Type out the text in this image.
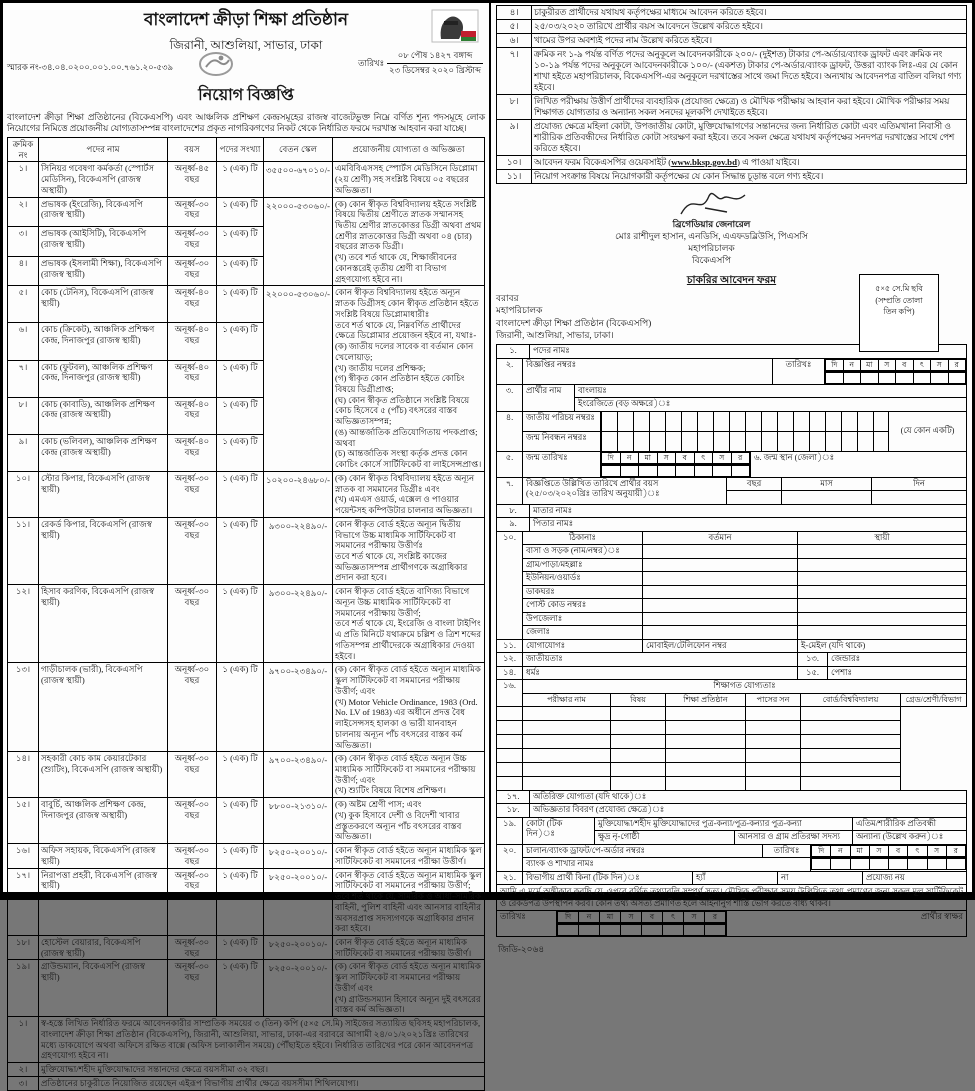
বাংলাদেশ ক্রীড়া শিক্ষা প্রতিষ্ঠান
জিরানী, আশুলিয়া, সাভার, ঢাকা
স্মারক নং-৩৪.০৪.০২০০.০০১.০০.৭৬১.২০-৫৩৯	তারিখঃ $\frac{\text{০৮ পৌষ ১৪২৭ বঙ্গাব্দ}}{\text{২৩ ডিসেম্বর ২০২০ খ্রিস্টাব্দ}}$
নিয়োগ বিজ্ঞপ্তি

বাংলাদেশ ক্রীড়া শিক্ষা প্রতিষ্ঠানের (বিকেএসপি) এবং আঞ্চলিক প্রশিক্ষণ কেন্দ্রসমূহের রাজস্ব বাজেটভুক্ত নিম্নে বর্ণিত শূন্য পদসমূহে লোক নিয়োগের নিমিত্তে প্রয়োজনীয় যোগ্যতাসম্পন্ন বাংলাদেশের প্রকৃত নাগরিকগণের নিকট থেকে নির্ধারিত ফরমে দরখাস্ত আহবান করা যাচ্ছে।

ক্রমিক নং	পদের নাম	বয়স	পদের সংখ্যা	বেতন স্কেল	প্রয়োজনীয় যোগ্যতা ও অভিজ্ঞতা
১।	সিনিয়র গবেষণা কর্মকর্তা (স্পোর্টস মেডিসিন), বিকেএসপি (রাজস্ব অস্থায়ী)	অনূর্ধ্ব-৪৫ বছর	১ (এক) টি	৩৫৫০০-৬৭০১০/-	এমবিবিএসসহ স্পোর্টস মেডিসিনে ডিপ্লোমা (২য় শ্রেণী) সহ সংশ্লিষ্ট বিষয়ে ০৫ বছরের অভিজ্ঞতা।
২।	প্রভাষক (ইংরেজি), বিকেএসপি (রাজস্ব স্থায়ী)	অনূর্ধ্ব-৩০ বছর	১ (এক) টি	২২০০০-৫৩০৬০/-	(ক) কোন স্বীকৃত বিশ্ববিদ্যালয় হইতে সংশ্লিষ্ট বিষয়ে দ্বিতীয় শ্রেণীতে স্নাতক সম্মানসহ দ্বিতীয় শ্রেণীর স্নাতকোত্তর ডিগ্রী অথবা প্রথম শ্রেণীর স্নাতকোত্তর ডিগ্রী অথবা ০৪ (চার) বছরের স্নাতক ডিগ্রী।
(খ) তবে শর্ত থাকে যে, শিক্ষাজীবনের কোনস্তরেই তৃতীয় শ্রেণী বা বিভাগ গ্রহণযোগ্য হইবে না।
৩।	প্রভাষক (আইসিটি), বিকেএসপি (রাজস্ব স্থায়ী)	অনূর্ধ্ব-৩০ বছর	১ (এক) টি		
৪।	প্রভাষক (ইসলামী শিক্ষা), বিকেএসপি (রাজস্ব স্থায়ী)	অনূর্ধ্ব-৩০ বছর	১ (এক) টি		
৫।	কোচ (টেনিস), বিকেএসপি (রাজস্ব স্থায়ী)	অনূর্ধ্ব-৪০ বছর	১ (এক) টি	২২০০০-৫৩০৬০/-	কোন স্বীকৃত বিশ্ববিদ্যালয় হইতে অন্যূন স্নাতক ডিগ্রীসহ কোন স্বীকৃত প্রতিষ্ঠান হইতে সংশ্লিষ্ট বিষয়ে ডিপ্লোমাধারীঃ
তবে শর্ত থাকে যে, নিম্নবর্ণিত প্রার্থীদের ক্ষেত্রে ডিপ্লোমার প্রয়োজন হইবে না, যথাঃ-
(ক) জাতীয় দলের সাবেক বা বর্তমান কোন খেলোয়াড়;
(খ) জাতীয় দলের প্রশিক্ষক;
(গ) স্বীকৃত কোন প্রতিষ্ঠান হইতে কোচিং বিষয়ে ডিগ্রীপ্রাপ্ত;
(ঘ) কোন স্বীকৃত প্রতিষ্ঠানে সংশ্লিষ্ট বিষয়ে কোচ হিসেবে ৫ (পাঁচ) বৎসরের বাস্তব অভিজ্ঞতাসম্পন্ন;
(ঙ) আন্তর্জাতিক প্রতিযোগিতায় পদকপ্রাপ্ত; অথবা
(চ) আন্তর্জাতিক সংস্থা কর্তৃক প্রদত্ত কোন কোচিং কোর্সে সার্টিফিকেট বা লাইসেন্সপ্রাপ্ত।
৬।	কোচ (ক্রিকেট), আঞ্চলিক প্রশিক্ষণ কেন্দ্র, দিনাজপুর (রাজস্ব স্থায়ী)	অনূর্ধ্ব-৪০ বছর	১ (এক) টি		
৭।	কোচ (ফুটবল), আঞ্চলিক প্রশিক্ষণ কেন্দ্র, দিনাজপুর (রাজস্ব স্থায়ী)	অনূর্ধ্ব-৪০ বছর	১ (এক) টি		
৮।	কোচ (কাবাডি), আঞ্চলিক প্রশিক্ষণ কেন্দ্র (রাজস্ব অস্থায়ী)	অনূর্ধ্ব-৪০ বছর	১ (এক) টি		
৯।	কোচ (ভলিবল), আঞ্চলিক প্রশিক্ষণ কেন্দ্র (রাজস্ব অস্থায়ী)	অনূর্ধ্ব-৪০ বছর	১ (এক) টি		
১০।	স্টোর কিপার, বিকেএসপি (রাজস্ব স্থায়ী)	অনূর্ধ্ব-৩০ বছর	১ (এক) টি	১০২০০-২৪৬৮০/-	(ক) কোন স্বীকৃত বিশ্ববিদ্যালয় হইতে অন্যূন স্নাতক বা সমমানের ডিগ্রীঃ এবং
(খ) এমএস ওয়ার্ড, এক্সেল ও পাওয়ার পয়েন্টসহ কম্পিউটার চালনার অভিজ্ঞতা।
১১।	রেকর্ড কিপার, বিকেএসপি (রাজস্ব স্থায়ী)	অনূর্ধ্ব-৩০ বছর	১ (এক) টি	৯৩০০-২২৪৯০/-	কোন স্বীকৃত বোর্ড হইতে অন্যূন দ্বিতীয় বিভাগে উচ্চ মাধ্যমিক সার্টিফিকেট বা সমমানের পরীক্ষায় উত্তীর্ণঃ
তবে শর্ত থাকে যে, সংশ্লিষ্ট কাজের অভিজ্ঞতাসম্পন্ন প্রার্থীগণকে অগ্রাধিকার প্রদান করা হবে।
১২।	হিসাব করণিক, বিকেএসপি (রাজস্ব স্থায়ী)	অনূর্ধ্ব-৩০ বছর	১ (এক) টি	৯৩০০-২২৪৯০/-	কোন স্বীকৃত বোর্ড হইতে বাণিজ্য বিভাগে অন্যূন উচ্চ মাধ্যমিক সার্টিফিকেট বা সমমানের পরীক্ষায় উত্তীর্ণ;
তবে শর্ত থাকে যে, ইংরেজি ও বাংলা টাইপিং এ প্রতি মিনিটে যথাক্রমে চল্লিশ ও ত্রিশ শব্দের গতিসম্পন্ন প্রার্থীদেরকে অগ্রাধিকার দেওয়া হইবে।
১৩।	গাড়ীচালক (ভারী), বিকেএসপি (রাজস্ব স্থায়ী)	অনূর্ধ্ব-৩০ বছর	১ (এক) টি	৯৭০০-২৩৪৯০/-	(ক) কোন স্বীকৃত বোর্ড হইতে অন্যূন মাধ্যমিক স্কুল সার্টিফিকেট বা সমমানের পরীক্ষায় উত্তীর্ণ; এবং
(খ) Motor Vehicle Ordinance, 1983 (Ord. No. LV of 1983) এর অধীনে প্রদত্ত বৈধ লাইসেন্সসহ হালকা ও ভারী যানবাহন চালনায় অন্যূন পাঁচ বৎসরের বাস্তব কর্ম অভিজ্ঞতা।
১৪।	সহকারী কোচ কাম কেয়ারটেকার (শ্যুটিং), বিকেএসপি (রাজস্ব অস্থায়ী)	অনূর্ধ্ব-৩০ বছর	১ (এক) টি	৯৭০০-২৩৪৯০/-	(ক) কোন স্বীকৃত বোর্ড হইতে অন্যূন উচ্চ মাধ্যমিক সার্টিফিকেট বা সমমানের পরীক্ষায় উত্তীর্ণ; এবং
(খ) শ্যুটিং বিষয়ে বিশেষ প্রশিক্ষণ।
১৫।	বাবুর্চি, আঞ্চলিক প্রশিক্ষণ কেন্দ্র, দিনাজপুর (রাজস্ব অস্থায়ী)	অনূর্ধ্ব-৩০ বছর	১ (এক) টি	৮৮০০-২১৩১০/-	(ক) অষ্টম শ্রেণী পাস; এবং
(খ) কুক হিসাবে দেশী ও বিদেশী খাবার প্রস্তুতকরণে অন্যূন পাঁচ বৎসরের বাস্তব অভিজ্ঞতা।
১৬।	অফিস সহায়ক, বিকেএসপি (রাজস্ব স্থায়ী)	অনূর্ধ্ব-৩০ বছর	১ (এক) টি	৮২৫০-২০০১০/-	কোন স্বীকৃত বোর্ড হইতে অন্যূন মাধ্যমিক স্কুল সার্টিফিকেট বা সমমানের পরীক্ষা উত্তীর্ণ।
১৭।	নিরাপত্তা প্রহরী, বিকেএসপি (রাজস্ব স্থায়ী)	অনূর্ধ্ব-৩০ বছর	১ (এক) টি	৮২৫০-২০০১০/-	কোন স্বীকৃত বোর্ড হইতে অন্যূন মাধ্যমিক স্কুল সার্টিফিকেট বা সমমানের পরীক্ষায় উত্তীর্ণ;
তবে শর্ত থাকে যে, সামরিক ও আধা-সামরিক বাহিনী, পুলিশ বাহিনী এবং আনসার বাহিনীর অবসরপ্রাপ্ত সদস্যগণকে অগ্রাধিকার প্রদান করা হইবে।
১৮।	হোস্টেল বেয়ারার, বিকেএসপি (রাজস্ব স্থায়ী)	অনূর্ধ্ব-৩০ বছর	১ (এক) টি	৮২৫০-২০০১০/-	কোন স্বীকৃত বোর্ড হইতে অন্যূন মাধ্যমিক সার্টিফিকেট বা সমমানের পরীক্ষায় উত্তীর্ণ।
১৯।	গ্রাউন্ডম্যান, বিকেএসপি (রাজস্ব স্থায়ী)	অনূর্ধ্ব-৩০ বছর	১ (এক) টি	৮২৫০-২০০১০/-	(ক) কোন স্বীকৃত বোর্ড হইতে অন্যূন মাধ্যমিক স্কুল সার্টিফিকেট বা সমমানের পরীক্ষায় উত্তীর্ণ এবং
(খ) গ্রাউন্ডসম্যান হিসাবে অন্যূন দুই বৎসরের বাস্তব কর্ম অভিজ্ঞতা।
১।	স্ব-হস্তে লিখিত নির্ধারিত ফরমে আবেদনকারীর সাম্প্রতিক সময়ের ৩ (তিন) কপি (৫×৫ সে.মি) সাইজের সত্যায়িত ছবিসহ মহাপরিচালক, বাংলাদেশ ক্রীড়া শিক্ষা প্রতিষ্ঠান (বিকেএসপি), জিরানী, আশুলিয়া, সাভার, ঢাকা-এর বরাবরে আগামী ২৪/০১/২০২১খ্রিঃ তারিখের মধ্যে ডাকযোগে অথবা অফিসে রক্ষিত বাক্সে (অফিস চলাকালীন সময়ে) পৌঁছাইতে হইবে। নির্ধারিত তারিখের পরে কোন আবেদনপত্র গ্রহণযোগ্য হইবে না।				
২।	মুক্তিযোদ্ধা/শহীদ মুক্তিযোদ্ধাদের সন্তানদের ক্ষেত্রে বয়সসীমা ৩২ বছর।				
৩।	প্রতিষ্ঠানের চাকুরীতে নিয়োজিত রয়েছেন এইরূপ বিভাগীয় প্রার্থীর ক্ষেত্রে বয়সসীমা শিথিলযোগ্য।				
৪।	চাকুরীরত প্রার্থীদের যথাযথ কর্তৃপক্ষের মাধ্যমে আবেদন করিতে হইবে।
৫।	২৫/০৩/২০২০ তারিখে প্রার্থীর বয়স আবেদনে উল্লেখ করিতে হইবে।
৬।	খামের উপর অবশ্যই পদের নাম উল্লেখ করিতে হইবে।
৭।	ক্রমিক নং ১-৯ পর্যন্ত বর্ণিত পদের অনুকূলে আবেদনকারীকে ২০০/- (দুইশত) টাকার পে-অর্ডার/ব্যাংক ড্রাফট এবং ক্রমিক নং ১০-১৯ পর্যন্ত পদের অনুকূলে আবেদনকারীকে ১০০/- (একশত) টাকার পে-অর্ডার/ব্যাংক ড্রাফট, উত্তরা ব্যাংক লিঃ-এর যে কোন শাখা হইতে মহাপরিচালক, বিকেএসপি-এর অনুকূলে দরখাস্তের সাথে জমা দিতে হইবে। অন্যথায় আবেদনপত্র বাতিল বলিয়া গণ্য হইবে।
৮।	লিখিত পরীক্ষায় উত্তীর্ণ প্রার্থীদের ব্যবহারিক (প্রযোজ্য ক্ষেত্রে) ও মৌখিক পরীক্ষায় আহবান করা হইবে। মৌখিক পরীক্ষার সময় শিক্ষাগত যোগ্যতার ও অন্যান্য সকল সনদের মূলকপি দেখাইতে হইবে।
৯।	প্রযোজ্য ক্ষেত্রে মহিলা কোটা, উপজাতীয় কোটা, মুক্তিযোদ্ধাগণের সন্তানদের জন্য নির্ধারিত কোটা এবং এতিমখানা নিবাসী ও শারীরিক প্রতিবন্ধীদের নির্ধারিত কোটা সংরক্ষণ করা হইবে। তবে সকল ক্ষেত্রে যথাযথ কর্তৃপক্ষের সনদপত্র দরখাস্তের সাথে পেশ করিতে হইবে।
১০।	আবেদন ফরম বিকেএসপির ওয়েবসাইট (www.bksp.gov.bd) এ পাওয়া যাইবে।
১১।	নিয়োগ সংক্রান্ত বিষয়ে নিয়োগকারী কর্তৃপক্ষের যে কোন সিদ্ধান্ত চূড়ান্ত বলে গণ্য হইবে।
ব্রিগেডিয়ার জেনারেল
মোঃ রাশীদুল হাসান, এনডিসি, এএফডব্লিউসি, পিএসসি
মহাপরিচালক
বিকেএসপি
চাকরির আবেদন ফরম
বরাবর
মহাপরিচালক
বাংলাদেশ ক্রীড়া শিক্ষা প্রতিষ্ঠান (বিকেএসপি)
জিরানী, আশুলিয়া, সাভার, ঢাকা।
৫×৫ সে.মি ছবি
(সম্প্রতি তোলা
তিন কপি)
১.	পদের নামঃ
২.	বিজ্ঞপ্তির নম্বরঃ	তারিখঃ		দি	ন	মা	স	ব	ৎ	স	র

৩.	প্রার্থীর নাম	বাংলায়ঃ
ইংরেজিতে (বড় অক্ষরে)ঃ
৪.	জাতীয় পরিচয় নম্বরঃ		(যে কোন একটি)
	জন্ম নিবন্ধন নম্বরঃ		
৫.	জন্ম তারিখঃ		দি	ন	মা	স	ব	ৎ	স	র
	৬. জন্ম স্থান (জেলা)ঃ

৭.	বিজ্ঞপ্তিতে উল্লিখিত তারিখে প্রার্থীর বয়স (২৫/০৩/২০২০খ্রিঃ তারিখ অনুযায়ী)ঃ	বছর	মাস	দিন

৮.	মাতার নামঃ
৯.	পিতার নামঃ
১০.	ঠিকানাঃ	বর্তমান	স্থায়ী
	বাসা ও সড়ক (নাম/নম্বর)ঃ		
	গ্রাম/পাড়া/মহল্লাঃ		
	ইউনিয়ন/ওয়ার্ডঃ		
	ডাকঘরঃ		
	পোস্ট কোড নম্বরঃ		
	উপজেলাঃ		
	জেলাঃ		
১১.	যোগাযোগঃ	মোবাইল/টেলিফোন নম্বর	ই-মেইল (যদি থাকে)
১২.	জাতীয়তাঃ	১৩.	জেন্ডারঃ
১৪.	ধর্মঃ	১৫.	পেশাঃ
১৬.	শিক্ষাগত যোগ্যতাঃ					
	পরীক্ষার নাম	বিষয়	শিক্ষা প্রতিষ্ঠান	পাসের সন	বোর্ড/বিশ্ববিদ্যালয়	গ্রেড/শ্রেণী/বিভাগ

১৭.	অতিরিক্ত যোগ্যতা (যদি থাকে)ঃ
১৮.	অভিজ্ঞতার বিবরণ (প্রযোজ্য ক্ষেত্রে)ঃ
১৯.	কোটা (টিক দিন)ঃ	মুক্তিযোদ্ধা/শহীদ মুক্তিযোদ্ধাদের পুত্র-কন্যা/পুত্র-কন্যার পুত্র-কন্যা		এতিম/শারীরিক প্রতিবন্ধী
		ক্ষুদ্র নৃ-গোষ্ঠী	আনসার ও গ্রাম প্রতিরক্ষা সদস্য	অন্যান্য (উল্লেখ করুন)ঃ
২০.	চালান/ব্যাংক ড্রাফট/পে-অর্ডার নম্বরঃ	তারিখঃ	দি	ন	মা	স	ব	ৎ	স	র

ব্যাংক ও শাখার নামঃ	

২১.	বিভাগীয় প্রার্থী কিনা (টিক দিন)ঃ	হ্যাঁ	না	প্রযোজ্য নয়
আমি এ মর্মে অঙ্গীকার করছি যে, ওপরে বর্ণিত তথ্যাবলি সম্পূর্ণ সত্য। মৌখিক পরীক্ষার সময় উল্লিখিত তথ্য প্রমাণের জন্য সকল মূল সার্টিফিকেট ও রেকর্ডপত্র উপস্থাপন করব। কোন তথ্য অসত্য প্রমাণিত হলে আইনানুগ শাস্তি ভোগ করতে বাধ্য থাকব।
তারিখঃ		দি	ন	মা	স	ব	ৎ	স	র
		প্রার্থীর স্বাক্ষর

জিডি-২০৬৪
